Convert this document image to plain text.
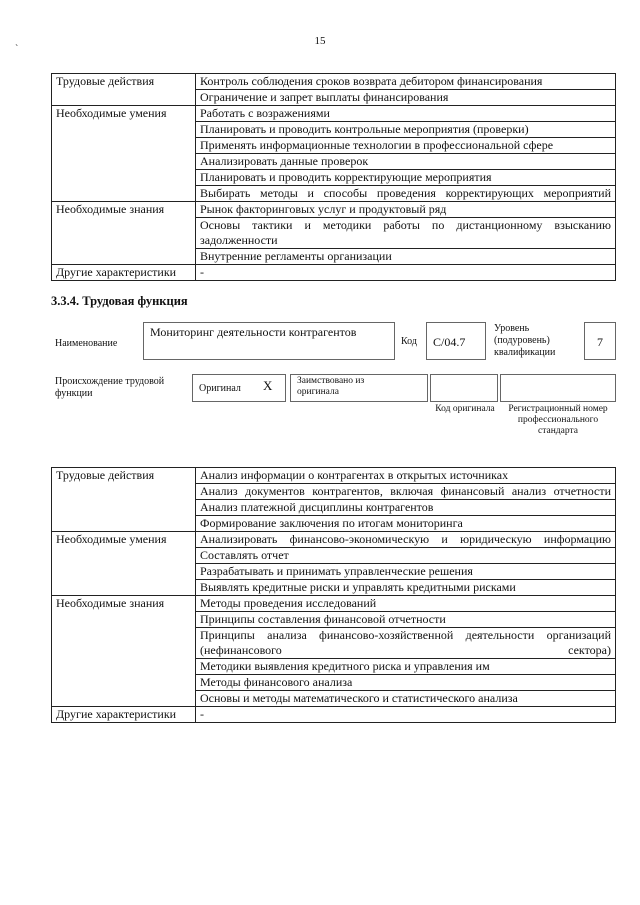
15
`
Трудовые действия	Контроль соблюдения сроков возврата дебитором финансирования
	Ограничение и запрет выплаты финансирования
Необходимые умения	Работать с возражениями
	Планировать и проводить контрольные мероприятия (проверки)
	Применять информационные технологии в профессиональной сфере
	Анализировать данные проверок
	Планировать и проводить корректирующие мероприятия
	Выбирать методы и способы проведения корректирующих мероприятий
Необходимые знания	Рынок факторинговых услуг и продуктовый ряд
	Основы тактики и методики работы по дистанционному взысканию задолженности
	Внутренние регламенты организации
Другие характеристики	-
3.3.4. Трудовая функция
Наименование
Мониторинг деятельности контрагентов
Код	C/04.7
Уровень (подуровень) квалификации
7
Происхождение трудовой функции	Оригинал X	Заимствовано из оригинала
Код оригинала	Регистрационный номер профессионального стандарта
Трудовые действия	Анализ информации о контрагентах в открытых источниках
	Анализ документов контрагентов, включая финансовый анализ отчетности
	Анализ платежной дисциплины контрагентов
	Формирование заключения по итогам мониторинга
Необходимые умения	Анализировать финансово-экономическую и юридическую информацию
	Составлять отчет
	Разрабатывать и принимать управленческие решения
	Выявлять кредитные риски и управлять кредитными рисками
Необходимые знания	Методы проведения исследований
	Принципы составления финансовой отчетности
	Принципы анализа финансово-хозяйственной деятельности организаций (нефинансового сектора)
	Методики выявления кредитного риска и управления им
	Методы финансового анализа
	Основы и методы математического и статистического анализа
Другие характеристики	-
